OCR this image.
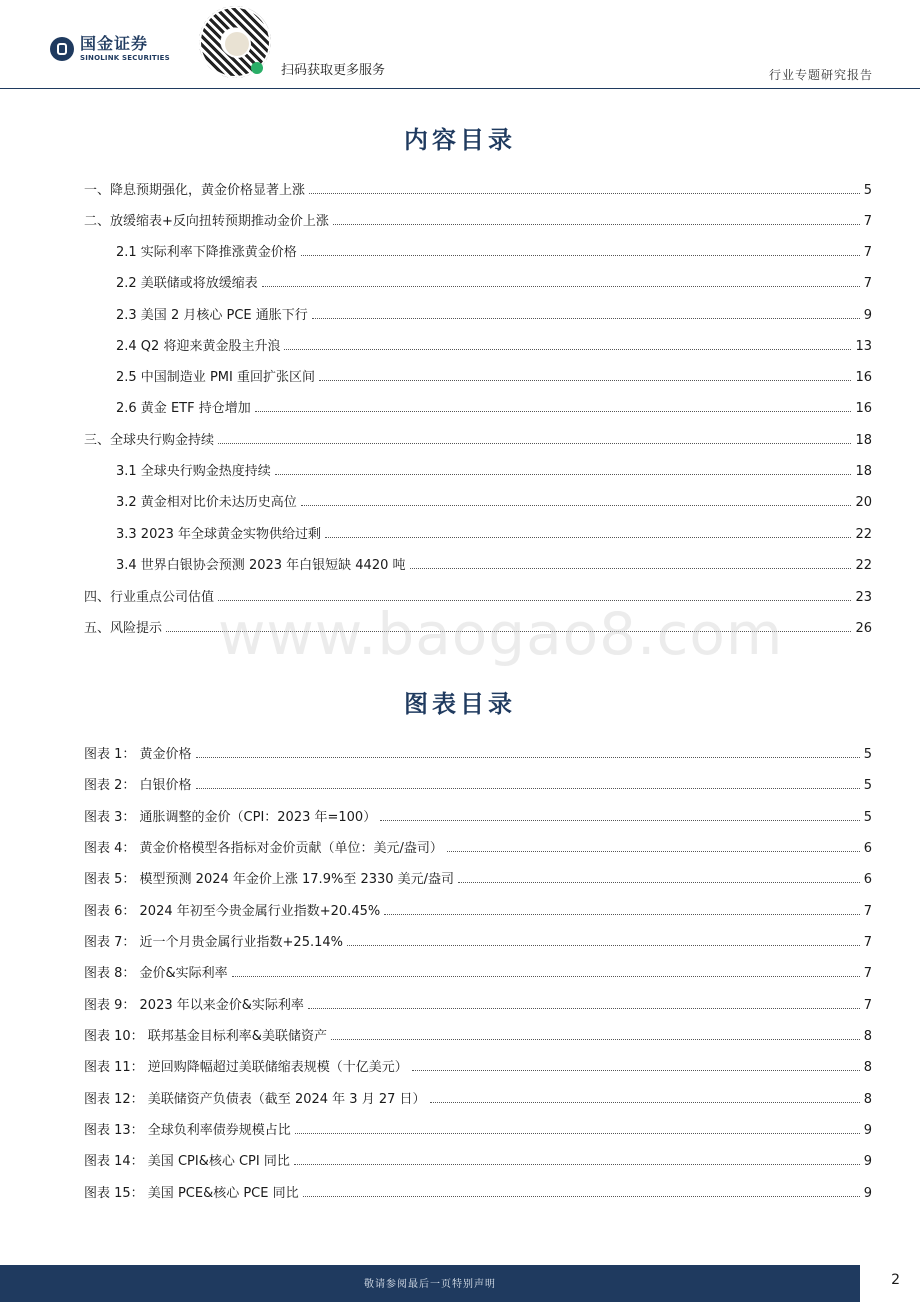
国金证券
SINOLINK SECURITIES
扫码获取更多服务	行业专题研究报告
内容目录
一、降息预期强化，黄金价格显著上涨	5
二、放缓缩表+反向扭转预期推动金价上涨	7
2.1 实际利率下降推涨黄金价格	7
2.2 美联储或将放缓缩表	7
2.3 美国 2 月核心 PCE 通胀下行	9
2.4 Q2 将迎来黄金股主升浪	13
2.5 中国制造业 PMI 重回扩张区间	16
2.6 黄金 ETF 持仓增加	16
三、全球央行购金持续	18
3.1 全球央行购金热度持续	18
3.2 黄金相对比价未达历史高位	20
3.3 2023 年全球黄金实物供给过剩	22
3.4 世界白银协会预测 2023 年白银短缺 4420 吨	22
四、行业重点公司估值	23
五、风险提示	26
www.baogao8.com
图表目录
图表 1： 黄金价格	5
图表 2： 白银价格	5
图表 3： 通胀调整的金价（CPI：2023 年=100）	5
图表 4： 黄金价格模型各指标对金价贡献（单位：美元/盎司）	6
图表 5： 模型预测 2024 年金价上涨 17.9%至 2330 美元/盎司	6
图表 6： 2024 年初至今贵金属行业指数+20.45%	7
图表 7： 近一个月贵金属行业指数+25.14%	7
图表 8： 金价&实际利率	7
图表 9： 2023 年以来金价&实际利率	7
图表 10： 联邦基金目标利率&美联储资产	8
图表 11： 逆回购降幅超过美联储缩表规模（十亿美元）	8
图表 12： 美联储资产负债表（截至 2024 年 3 月 27 日）	8
图表 13： 全球负利率债券规模占比	9
图表 14： 美国 CPI&核心 CPI 同比	9
图表 15： 美国 PCE&核心 PCE 同比	9
敬请参阅最后一页特别声明	2
